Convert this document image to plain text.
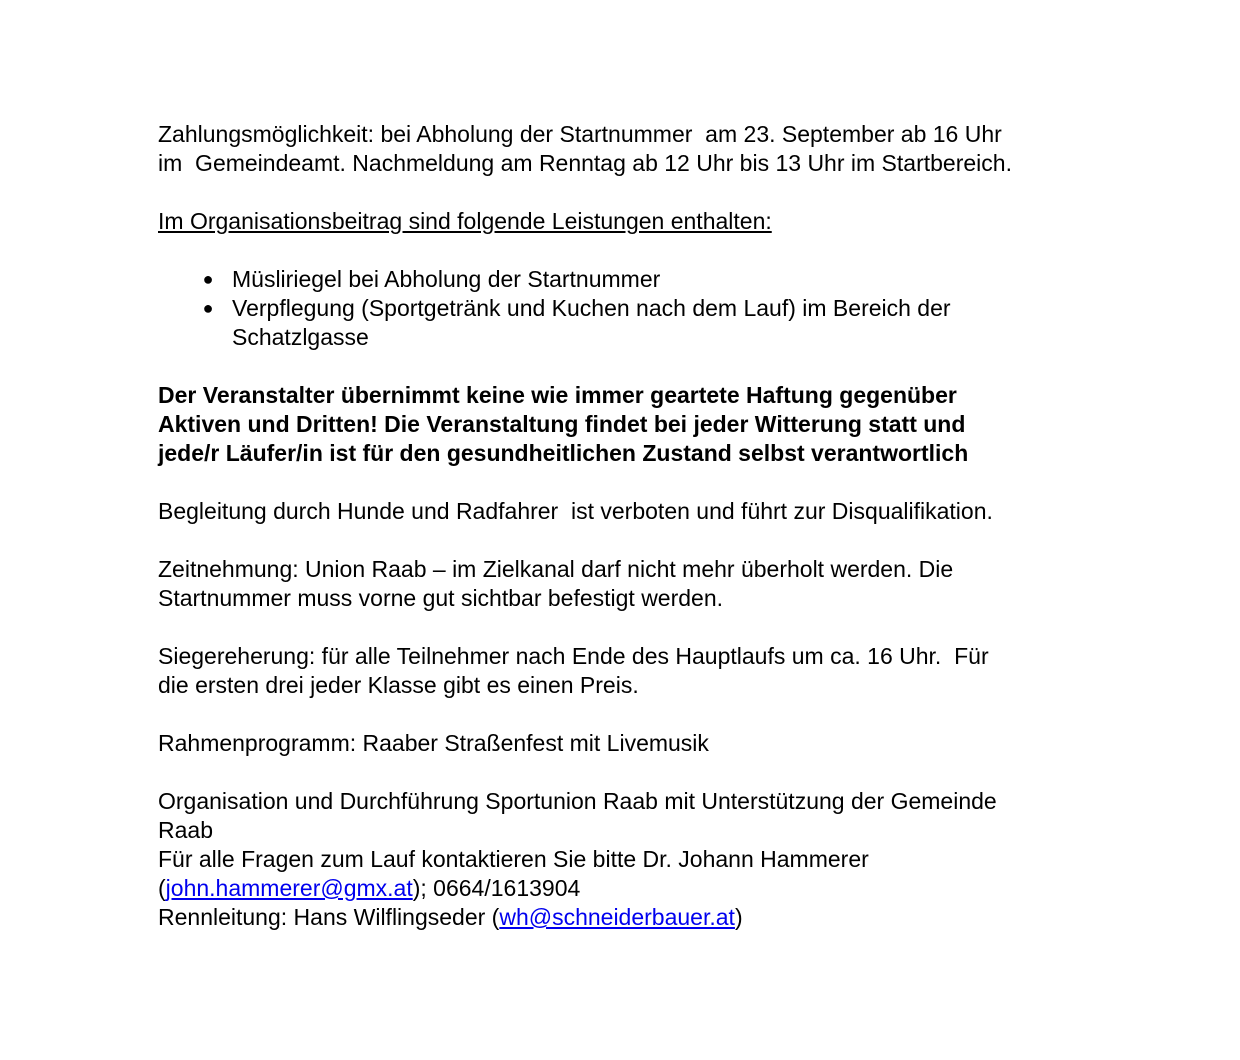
Zahlungsmöglichkeit: bei Abholung der Startnummer  am 23. September ab 16 Uhr
im  Gemeindeamt. Nachmeldung am Renntag ab 12 Uhr bis 13 Uhr im Startbereich.
Im Organisationsbeitrag sind folgende Leistungen enthalten:
● Müsliriegel bei Abholung der Startnummer
● Verpflegung (Sportgetränk und Kuchen nach dem Lauf) im Bereich der
Schatzlgasse
Der Veranstalter übernimmt keine wie immer geartete Haftung gegenüber
Aktiven und Dritten! Die Veranstaltung findet bei jeder Witterung statt und
jede/r Läufer/in ist für den gesundheitlichen Zustand selbst verantwortlich
Begleitung durch Hunde und Radfahrer  ist verboten und führt zur Disqualifikation.
Zeitnehmung: Union Raab – im Zielkanal darf nicht mehr überholt werden. Die
Startnummer muss vorne gut sichtbar befestigt werden.
Siegereherung: für alle Teilnehmer nach Ende des Hauptlaufs um ca. 16 Uhr.  Für
die ersten drei jeder Klasse gibt es einen Preis.
Rahmenprogramm: Raaber Straßenfest mit Livemusik
Organisation und Durchführung Sportunion Raab mit Unterstützung der Gemeinde
Raab
Für alle Fragen zum Lauf kontaktieren Sie bitte Dr. Johann Hammerer
(john.hammerer@gmx.at); 0664/1613904
Rennleitung: Hans Wilflingseder (wh@schneiderbauer.at)
